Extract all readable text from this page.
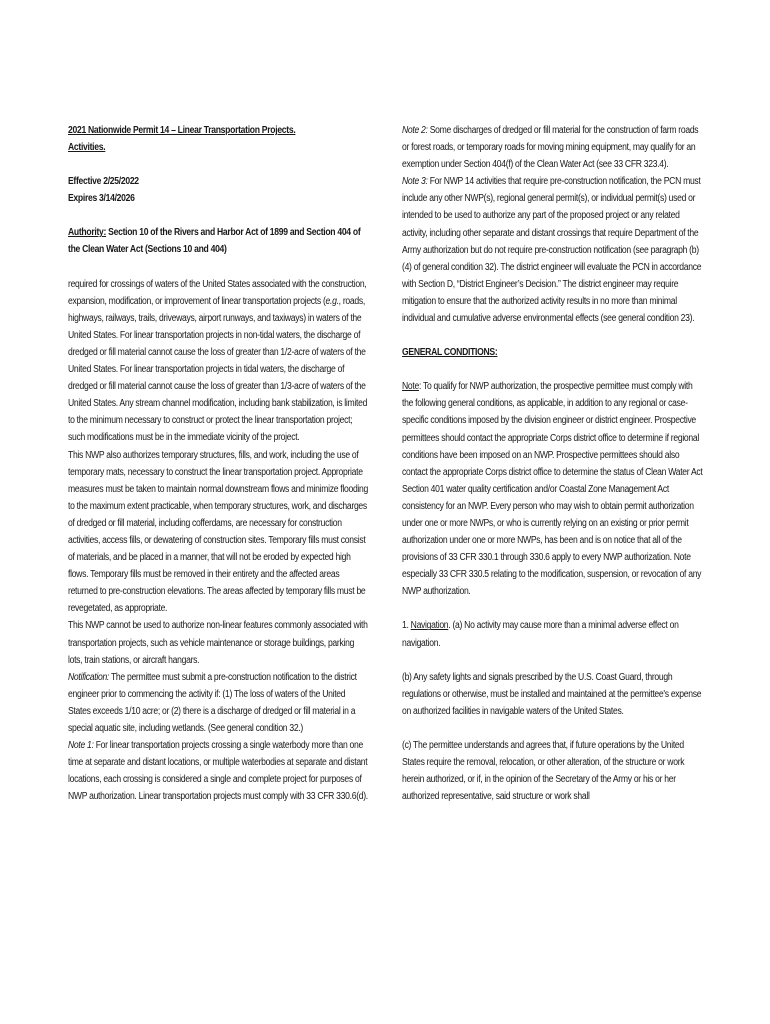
2021 Nationwide Permit 14 – Linear Transportation Projects.
Activities.

Effective 2/25/2022
Expires 3/14/2026

Authority: Section 10 of the Rivers and Harbor Act of 1899 and Section 404 of the Clean Water Act (Sections 10 and 404)

required for crossings of waters of the United States associated with the construction, expansion, modification, or improvement of linear transportation projects (e.g., roads, highways, railways, trails, driveways, airport runways, and taxiways) in waters of the United States. For linear transportation projects in non-tidal waters, the discharge of dredged or fill material cannot cause the loss of greater than 1/2-acre of waters of the United States. For linear transportation projects in tidal waters, the discharge of dredged or fill material cannot cause the loss of greater than 1/3-acre of waters of the United States. Any stream channel modification, including bank stabilization, is limited to the minimum necessary to construct or protect the linear transportation project; such modifications must be in the immediate vicinity of the project.

This NWP also authorizes temporary structures, fills, and work, including the use of temporary mats, necessary to construct the linear transportation project. Appropriate measures must be taken to maintain normal downstream flows and minimize flooding to the maximum extent practicable, when temporary structures, work, and discharges of dredged or fill material, including cofferdams, are necessary for construction activities, access fills, or dewatering of construction sites. Temporary fills must consist of materials, and be placed in a manner, that will not be eroded by expected high flows. Temporary fills must be removed in their entirety and the affected areas returned to pre-construction elevations. The areas affected by temporary fills must be revegetated, as appropriate.

This NWP cannot be used to authorize non-linear features commonly associated with transportation projects, such as vehicle maintenance or storage buildings, parking lots, train stations, or aircraft hangars.

Notification: The permittee must submit a pre-construction notification to the district engineer prior to commencing the activity if: (1) The loss of waters of the United States exceeds 1/10 acre; or (2) there is a discharge of dredged or fill material in a special aquatic site, including wetlands. (See general condition 32.)

Note 1: For linear transportation projects crossing a single waterbody more than one time at separate and distant locations, or multiple waterbodies at separate and distant locations, each crossing is considered a single and complete project for purposes of NWP authorization. Linear transportation projects must comply with 33 CFR 330.6(d).

Note 2: Some discharges of dredged or fill material for the construction of farm roads or forest roads, or temporary roads for moving mining equipment, may qualify for an exemption under Section 404(f) of the Clean Water Act (see 33 CFR 323.4).

Note 3: For NWP 14 activities that require pre-construction notification, the PCN must include any other NWP(s), regional general permit(s), or individual permit(s) used or intended to be used to authorize any part of the proposed project or any related activity, including other separate and distant crossings that require Department of the Army authorization but do not require pre-construction notification (see paragraph (b)(4) of general condition 32). The district engineer will evaluate the PCN in accordance with Section D, “District Engineer’s Decision.” The district engineer may require mitigation to ensure that the authorized activity results in no more than minimal individual and cumulative adverse environmental effects (see general condition 23).

GENERAL CONDITIONS:

Note: To qualify for NWP authorization, the prospective permittee must comply with the following general conditions, as applicable, in addition to any regional or case-specific conditions imposed by the division engineer or district engineer. Prospective permittees should contact the appropriate Corps district office to determine if regional conditions have been imposed on an NWP. Prospective permittees should also contact the appropriate Corps district office to determine the status of Clean Water Act Section 401 water quality certification and/or Coastal Zone Management Act consistency for an NWP. Every person who may wish to obtain permit authorization under one or more NWPs, or who is currently relying on an existing or prior permit authorization under one or more NWPs, has been and is on notice that all of the provisions of 33 CFR 330.1 through 330.6 apply to every NWP authorization. Note especially 33 CFR 330.5 relating to the modification, suspension, or revocation of any NWP authorization.

1. Navigation. (a) No activity may cause more than a minimal adverse effect on navigation.

(b) Any safety lights and signals prescribed by the U.S. Coast Guard, through regulations or otherwise, must be installed and maintained at the permittee's expense on authorized facilities in navigable waters of the United States.

(c) The permittee understands and agrees that, if future operations by the United States require the removal, relocation, or other alteration, of the structure or work herein authorized, or if, in the opinion of the Secretary of the Army or his or her authorized representative, said structure or work shall
